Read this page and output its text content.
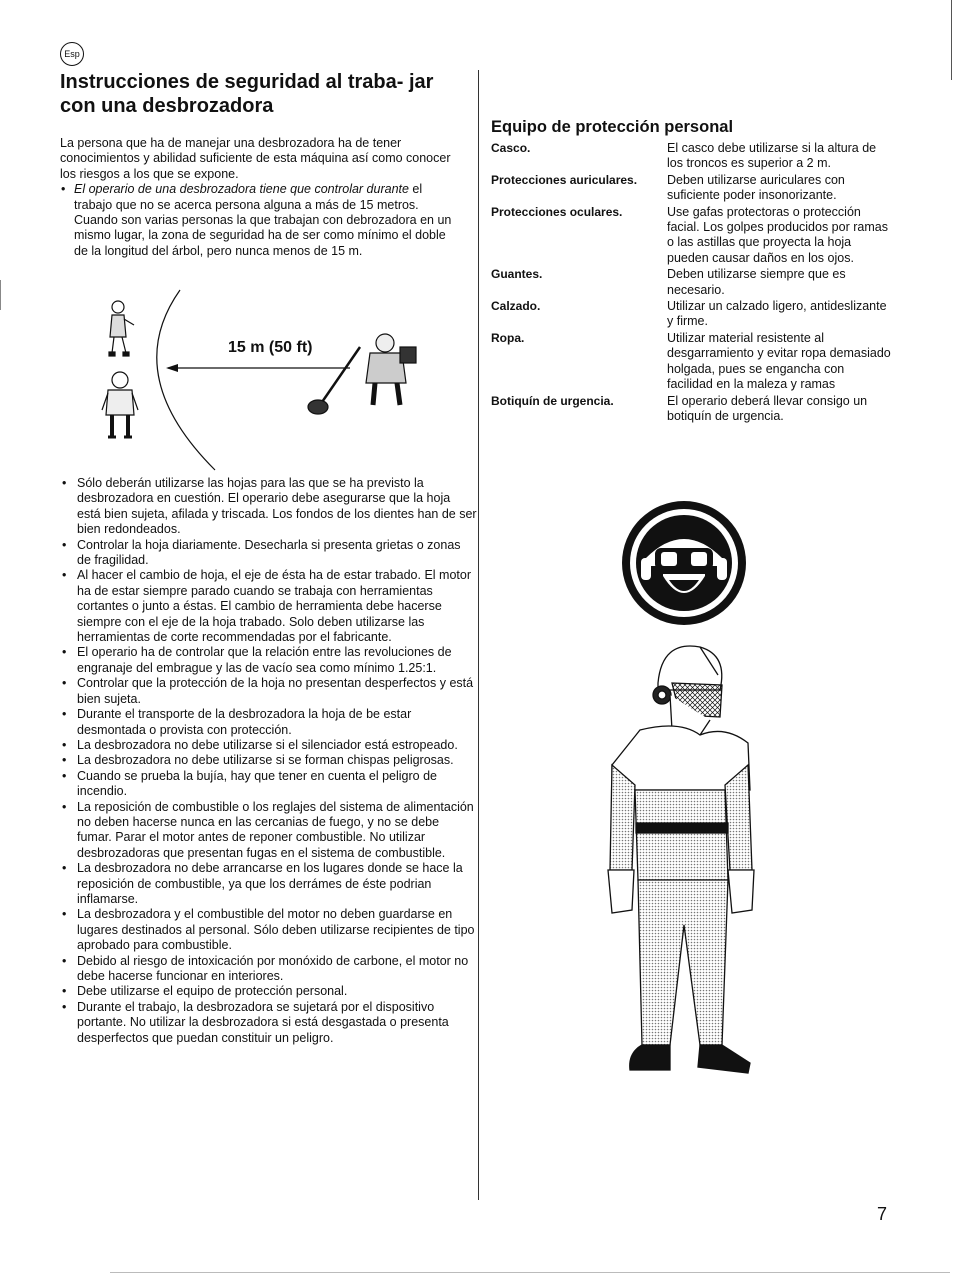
Esp
Instrucciones de seguridad al traba- jar con una desbrozadora

La persona que ha de manejar una desbrozadora ha de tener conocimientos y abilidad suficiente de esta máquina así como conocer los riesgos a los que se expone.

• El operario de una desbrozadora tiene que controlar durante el trabajo que no se acerca persona alguna a más de 15 metros. Cuando son varias personas la que trabajan con debrozadora en un mismo lugar, la zona de seguridad ha de ser como mínimo el doble de la longitud del árbol, pero nunca menos de 15 m.
15 m (50 ft)
• Sólo deberán utilizarse las hojas para las que se ha previsto la desbrozadora en cuestión. El operario debe asegurarse que la hoja está bien sujeta, afilada y triscada. Los fondos de los dientes han de ser bien redondeados.
• Controlar la hoja diariamente. Desecharla si presenta grietas o zonas de fragilidad.
• Al hacer el cambio de hoja, el eje de ésta ha de estar trabado. El motor ha de estar siempre parado cuando se trabaja con herramientas cortantes o junto a éstas. El cambio de herramienta debe hacerse siempre con el eje de la hoja trabado. Solo deben utilizarse las herramientas de corte recommendadas por el fabricante.
• El operario ha de controlar que la relación entre las revoluciones de engranaje del embrague y las de vacío sea como mínimo 1.25:1.
• Controlar que la protección de la hoja no presentan desperfectos y está bien sujeta.
• Durante el transporte de la desbrozadora la hoja de be estar desmontada o provista con protección.
• La desbrozadora no debe utilizarse si el silenciador está estropeado.
• La desbrozadora no debe utilizarse si se forman chispas peligrosas.
• Cuando se prueba la bujía, hay que tener en cuenta el peligro de incendio.
• La reposición de combustible o los reglajes del sistema de alimentación no deben hacerse nunca en las cercanias de fuego, y no se debe fumar. Parar el motor antes de reponer combustible. No utilizar desbrozadoras que presentan fugas en el sistema de combustible.
• La desbrozadora no debe arrancarse en los lugares donde se hace la reposición de combustible, ya que los derrámes de éste podrian inflamarse.
• La desbrozadora y el combustible del motor no deben guardarse en lugares destinados al personal. Sólo deben utilizarse recipientes de tipo aprobado para combustible.
• Debido al riesgo de intoxicación por monóxido de carbone, el motor no debe hacerse funcionar en interiores.
• Debe utilizarse el equipo de protección personal.
• Durante el trabajo, la desbrozadora se sujetará por el dispositivo portante. No utilizar la desbrozadora si está desgastada o presenta desperfectos que puedan constituir un peligro.
Equipo de protección personal
Casco.	El casco debe utilizarse si la altura de los troncos es superior a 2 m.
Protecciones auriculares.	Deben utilizarse auriculares con suficiente poder insonorizante.
Protecciones oculares.	Use gafas protectoras o protección facial. Los golpes producidos por ramas o las astillas que proyecta la hoja pueden causar daños en los ojos.
Guantes.	Deben utilizarse siempre que es necesario.
Calzado.	Utilizar un calzado ligero, antideslizante y firme.
Ropa.	Utilizar material resistente al desgarramiento y evitar ropa demasiado holgada, pues se engancha con facilidad en la maleza y ramas
Botiquín de urgencia.	El operario deberá llevar consigo un botiquín de urgencia.
7
